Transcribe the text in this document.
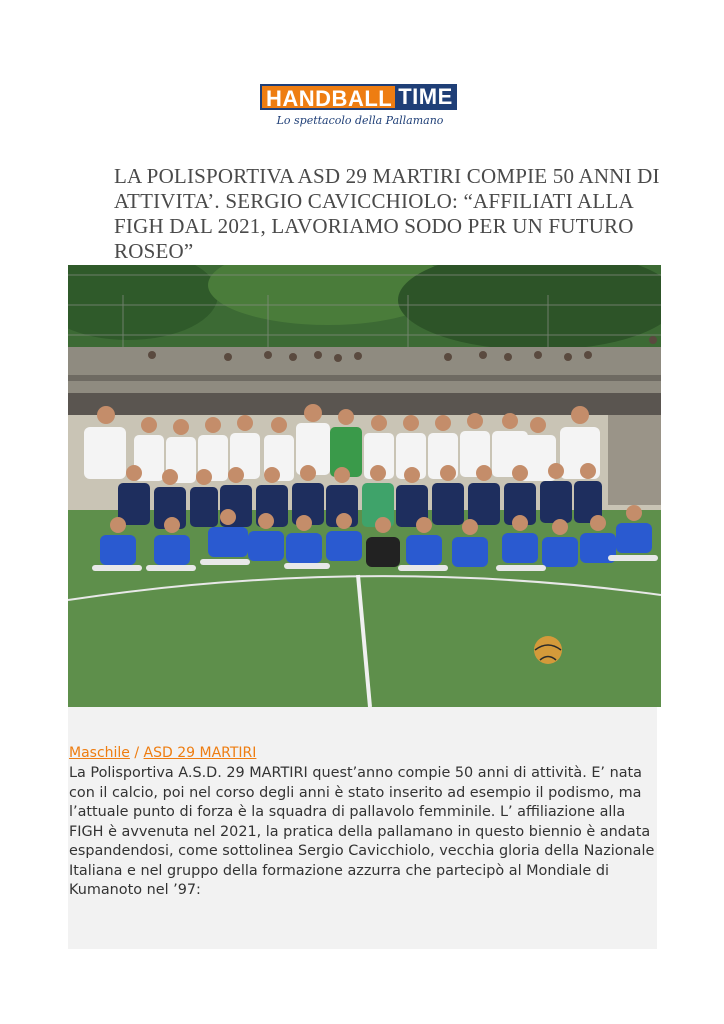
HANDBALL TIME
Lo spettacolo della Pallamano
LA POLISPORTIVA ASD 29 MARTIRI COMPIE 50 ANNI DI ATTIVITA’. SERGIO CAVICCHIOLO: “AFFILIATI ALLA FIGH DAL 2021, LAVORIAMO SODO PER UN FUTURO ROSEO”
Maschile / ASD 29 MARTIRI

La Polisportiva A.S.D. 29 MARTIRI quest’anno compie 50 anni di attività. E’ nata con il calcio, poi nel corso degli anni è stato inserito ad esempio il podismo, ma l’attuale punto di forza è la squadra di pallavolo femminile. L’ affiliazione alla FIGH è avvenuta nel 2021, la pratica della pallamano in questo biennio è andata espandendosi, come sottolinea Sergio Cavicchiolo, vecchia gloria della Nazionale Italiana e nel gruppo della formazione azzurra che partecipò al Mondiale di Kumanoto nel ’97:
